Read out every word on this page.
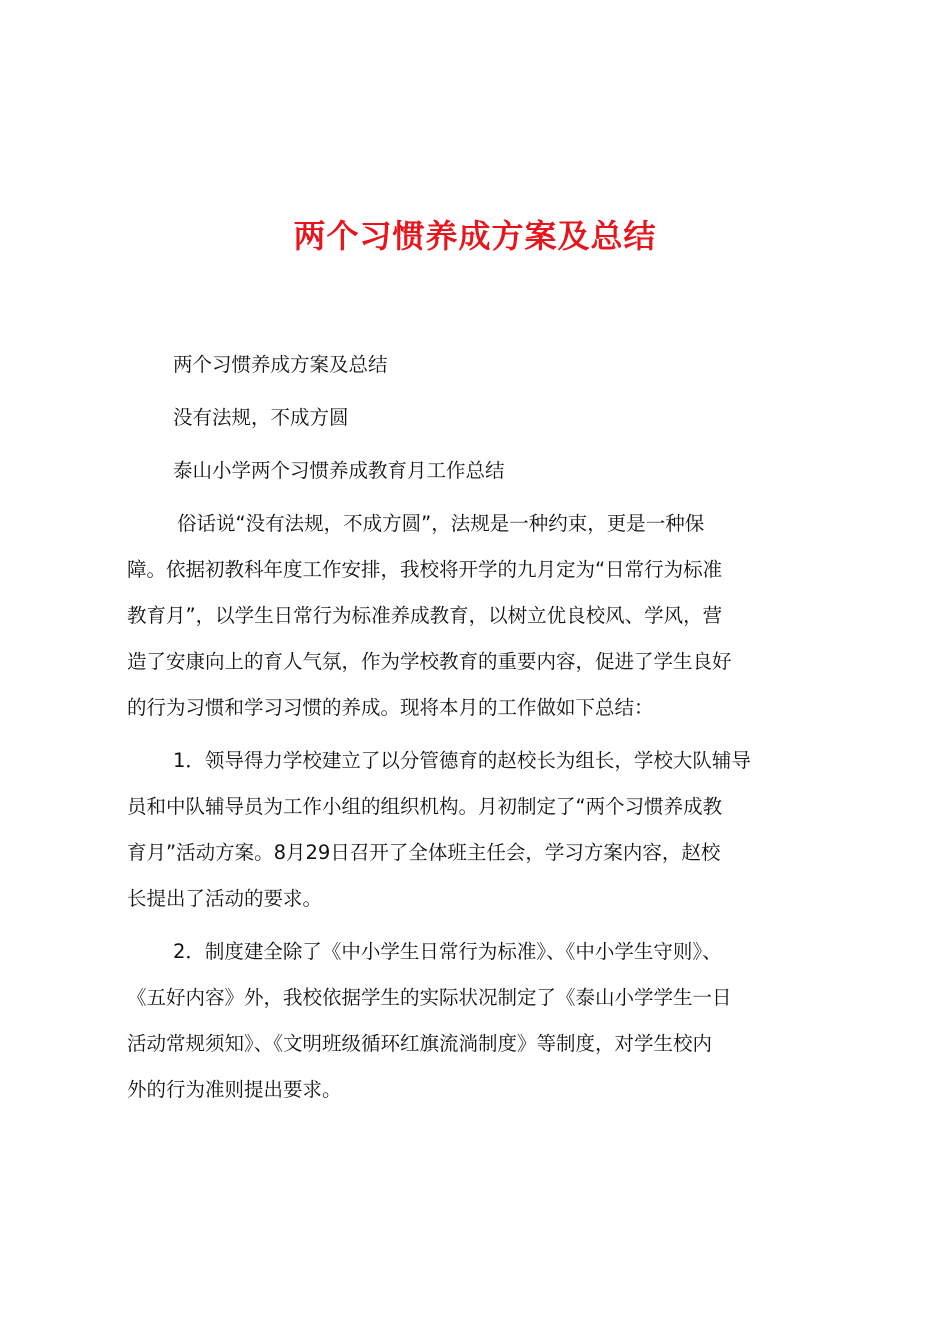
两个习惯养成方案及总结

两个习惯养成方案及总结

没有法规，不成方圆

泰山小学两个习惯养成教育月工作总结

俗话说“没有法规，不成方圆”，法规是一种约束，更是一种保

障。依据初教科年度工作安排，我校将开学的九月定为“日常行为标准

教育月”，以学生日常行为标准养成教育，以树立优良校风、学风，营

造了安康向上的育人气氛，作为学校教育的重要内容，促进了学生良好

的行为习惯和学习习惯的养成。现将本月的工作做如下总结：

1．领导得力学校建立了以分管德育的赵校长为组长，学校大队辅导

员和中队辅导员为工作小组的组织机构。月初制定了“两个习惯养成教

育月”活动方案。8月29日召开了全体班主任会，学习方案内容，赵校

长提出了活动的要求。

2．制度建全除了《中小学生日常行为标准》、《中小学生守则》、

《五好内容》外，我校依据学生的实际状况制定了《泰山小学学生一日

活动常规须知》、《文明班级循环红旗流淌制度》等制度，对学生校内

外的行为准则提出要求。
